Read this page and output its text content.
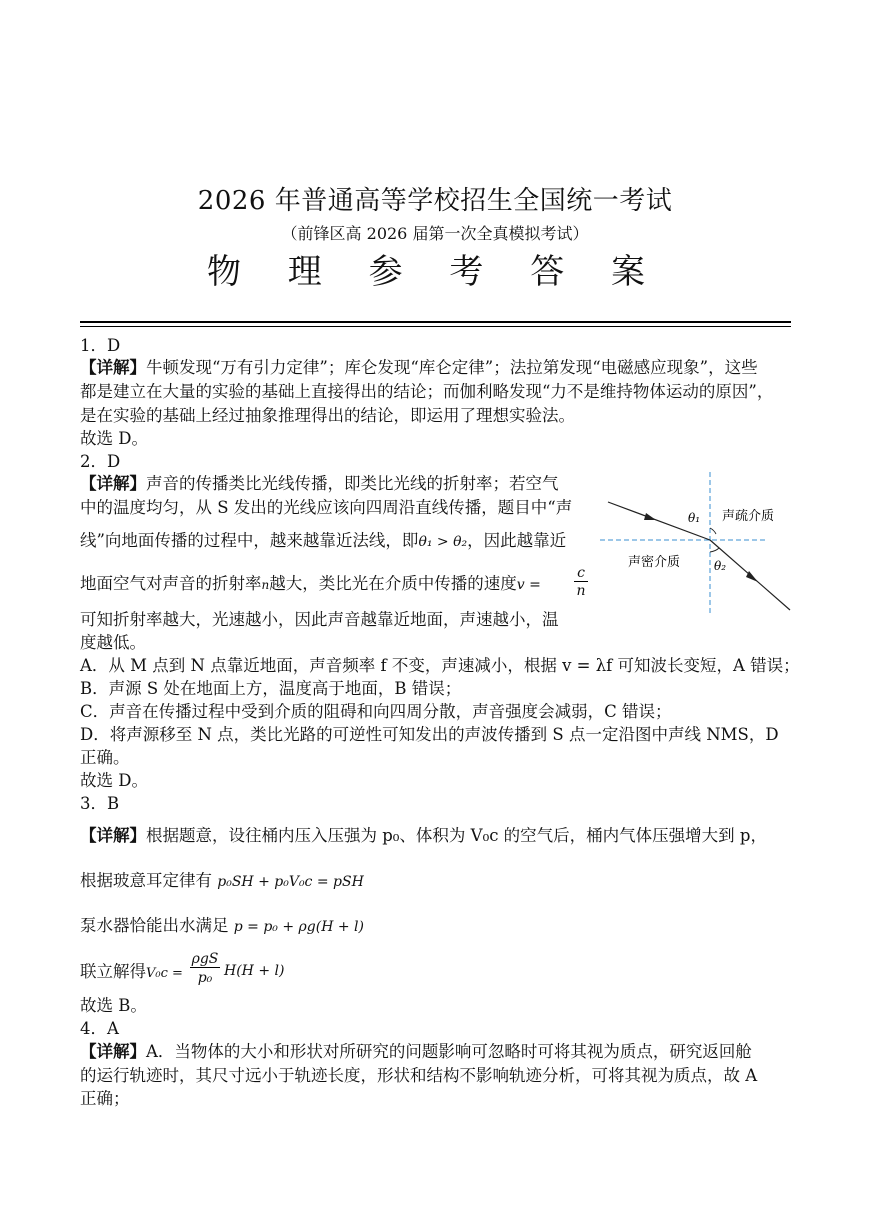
2026 年普通高等学校招生全国统一考试
（前锋区高 2026 届第一次全真模拟考试）
物 理 参 考 答 案
1．D
【详解】牛顿发现“万有引力定律”；库仑发现“库仑定律”；法拉第发现“电磁感应现象”，这些
都是建立在大量的实验的基础上直接得出的结论；而伽利略发现“力不是维持物体运动的原因”，
是在实验的基础上经过抽象推理得出的结论，即运用了理想实验法。
故选 D。
2．D
【详解】声音的传播类比光线传播，即类比光线的折射率；若空气
中的温度均匀，从 S 发出的光线应该向四周沿直线传播，题目中“声
线”向地面传播的过程中，越来越靠近法线，即θ₁ > θ₂，因此越靠近
地面空气对声音的折射率n越大，类比光在介质中传播的速度v =
c
n
可知折射率越大，光速越小，因此声音越靠近地面，声速越小，温
度越低。
A．从 M 点到 N 点靠近地面，声音频率 f 不变，声速减小，根据 v = λf 可知波长变短，A 错误；
B．声源 S 处在地面上方，温度高于地面，B 错误；
C．声音在传播过程中受到介质的阻碍和向四周分散，声音强度会减弱，C 错误；
D．将声源移至 N 点，类比光路的可逆性可知发出的声波传播到 S 点一定沿图中声线 NMS，D
正确。
故选 D。
θ₁
θ₂
声疏介质
声密介质
3．B
【详解】根据题意，设往桶内压入压强为 p₀、体积为 V₀c 的空气后，桶内气体压强增大到 p，
根据玻意耳定律有 p₀SH + p₀V₀c = pSH
泵水器恰能出水满足 p = p₀ + ρg(H + l)
联立解得V₀c =
ρgS
p₀ H(H + l)
故选 B。
4．A
【详解】A．当物体的大小和形状对所研究的问题影响可忽略时可将其视为质点，研究返回舱
的运行轨迹时，其尺寸远小于轨迹长度，形状和结构不影响轨迹分析，可将其视为质点，故 A
正确；
